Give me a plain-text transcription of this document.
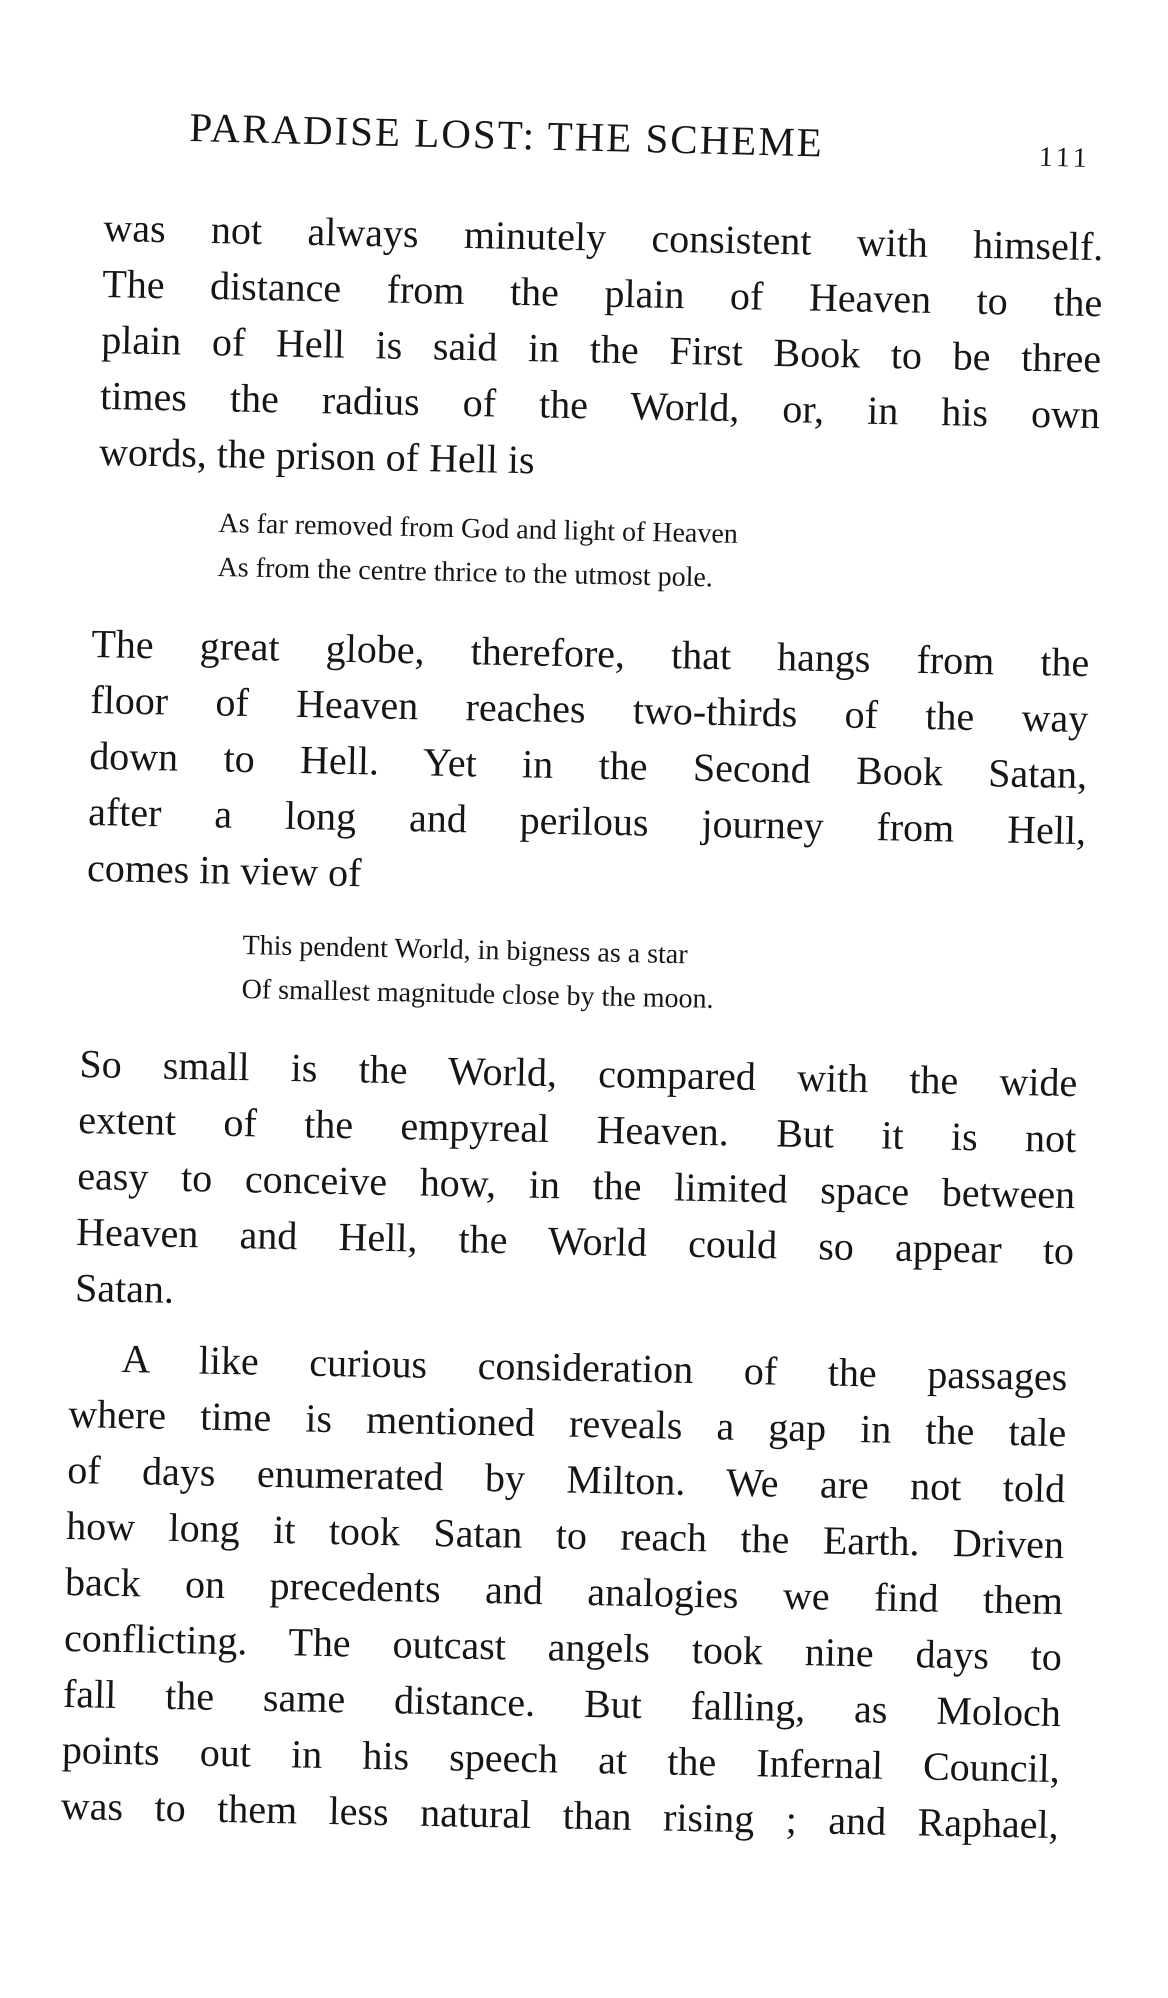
PARADISE LOST: THE SCHEME	111
was not always minutely consistent with himself.
The distance from the plain of Heaven to the
plain of Hell is said in the First Book to be three
times the radius of the World, or, in his own
words, the prison of Hell is
As far removed from God and light of Heaven
As from the centre thrice to the utmost pole.
The great globe, therefore, that hangs from the
floor of Heaven reaches two-thirds of the way
down to Hell. Yet in the Second Book Satan,
after a long and perilous journey from Hell,
comes in view of
This pendent World, in bigness as a star
Of smallest magnitude close by the moon.
So small is the World, compared with the wide
extent of the empyreal Heaven. But it is not
easy to conceive how, in the limited space between
Heaven and Hell, the World could so appear to
Satan.
A like curious consideration of the passages
where time is mentioned reveals a gap in the tale
of days enumerated by Milton. We are not told
how long it took Satan to reach the Earth. Driven
back on precedents and analogies we find them
conflicting. The outcast angels took nine days to
fall the same distance. But falling, as Moloch
points out in his speech at the Infernal Council,
was to them less natural than rising ; and Raphael,
